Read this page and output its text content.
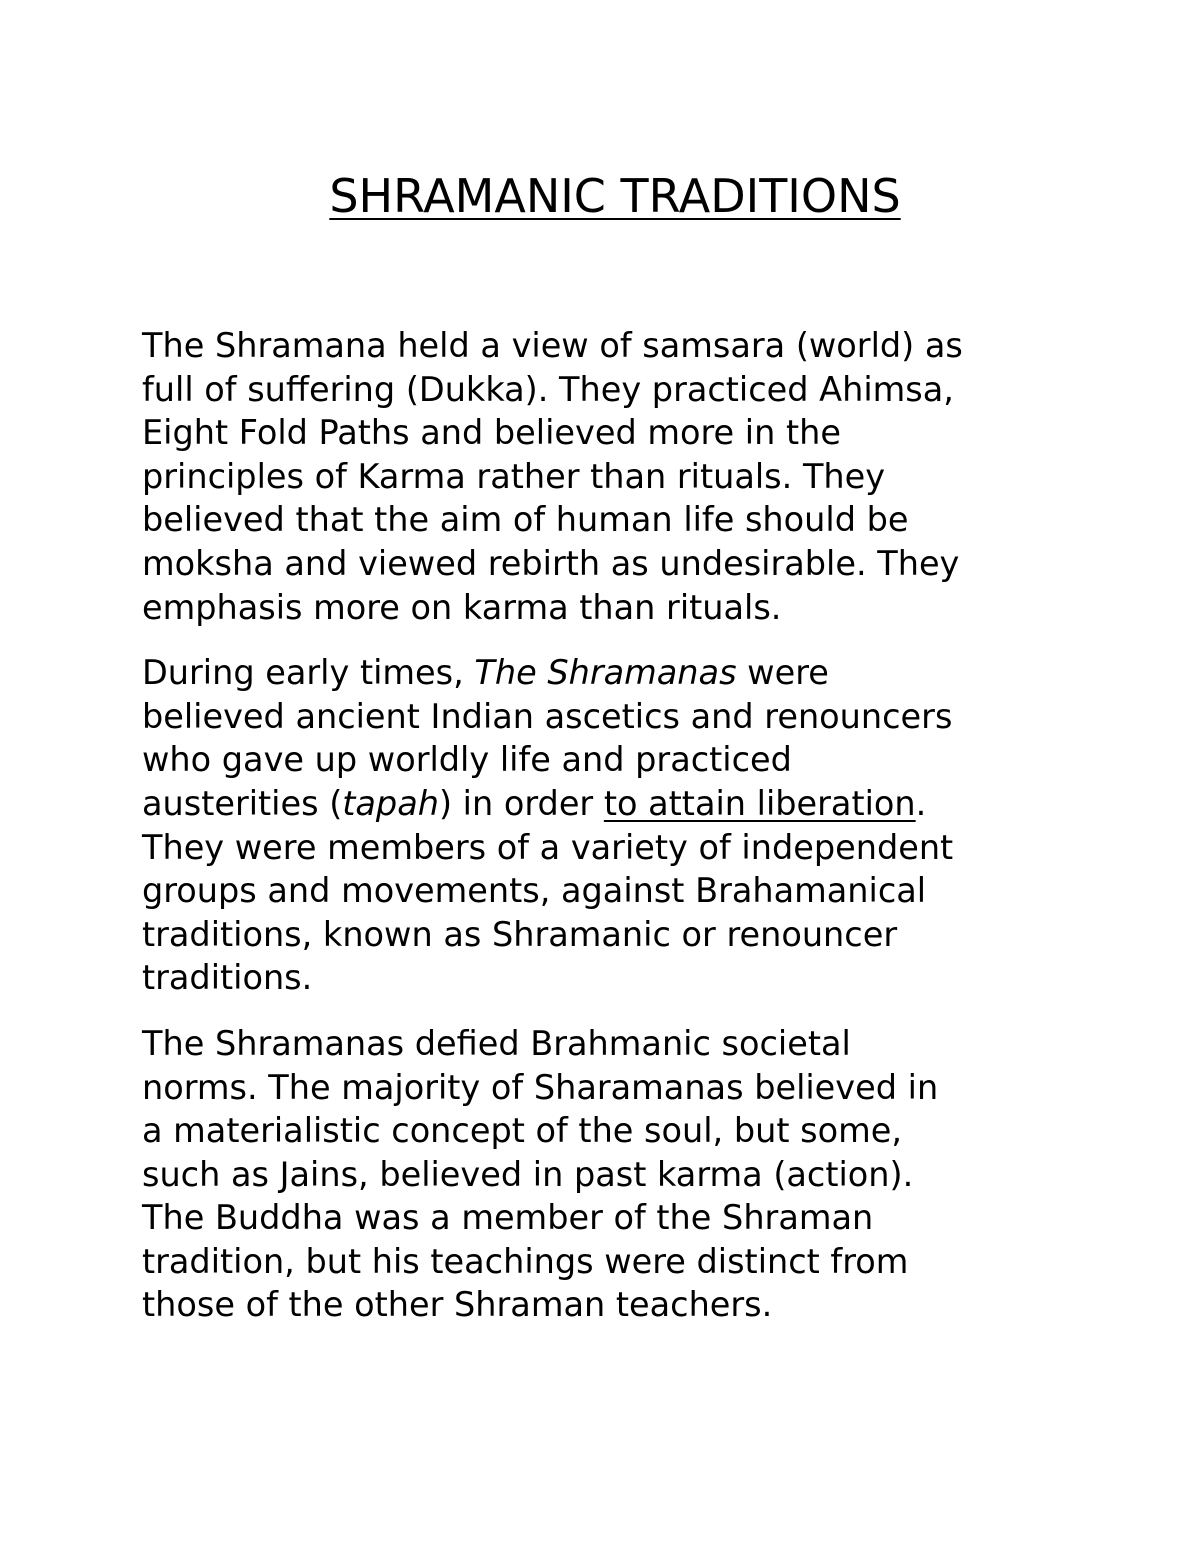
SHRAMANIC TRADITIONS

The Shramana held a view of samsara (world) as
full of suffering (Dukka). They practiced Ahimsa,
Eight Fold Paths and believed more in the
principles of Karma rather than rituals. They
believed that the aim of human life should be
moksha and viewed rebirth as undesirable. They
emphasis more on karma than rituals.

During early times, The Shramanas were
believed ancient Indian ascetics and renouncers
who gave up worldly life and practiced
austerities (tapah) in order to attain liberation.
They were members of a variety of independent
groups and movements, against Brahamanical
traditions, known as Shramanic or renouncer
traditions.

The Shramanas defied Brahmanic societal
norms. The majority of Sharamanas believed in
a materialistic concept of the soul, but some,
such as Jains, believed in past karma (action).
The Buddha was a member of the Shraman
tradition, but his teachings were distinct from
those of the other Shraman teachers.
